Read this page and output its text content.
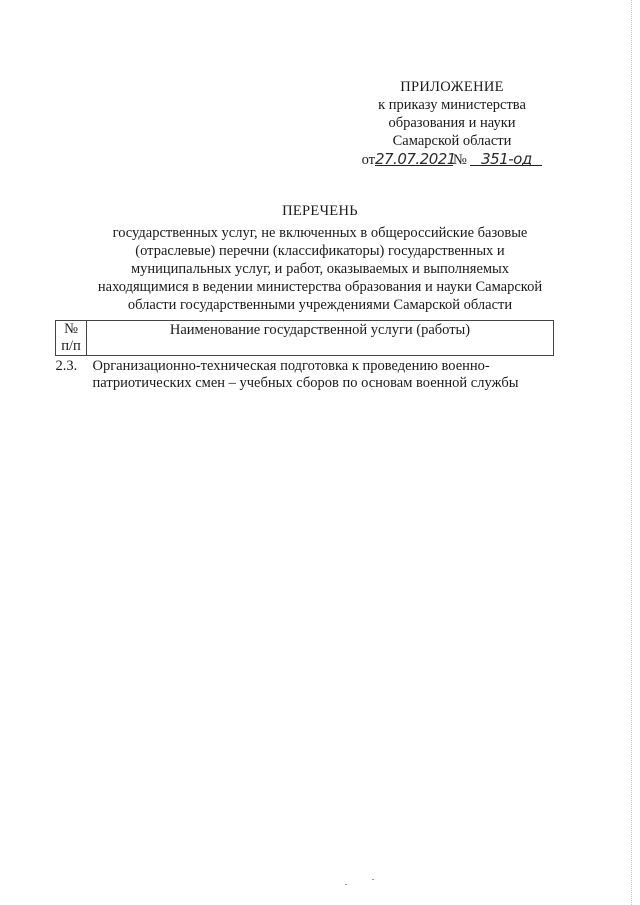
ПРИЛОЖЕНИЕ
к приказу министерства
образования и науки
Самарской области
от27.07.2021№ 351-од
ПЕРЕЧЕНЬ
государственных услуг, не включенных в общероссийские базовые
(отраслевые) перечни (классификаторы) государственных и
муниципальных услуг, и работ, оказываемых и выполняемых
находящимися в ведении министерства образования и науки Самарской
области государственными учреждениями Самарской области
№
п/п	Наименование государственной услуги (работы)
2.3.	Организационно-техническая подготовка к проведению военно-
патриотических смен – учебных сборов по основам военной службы
